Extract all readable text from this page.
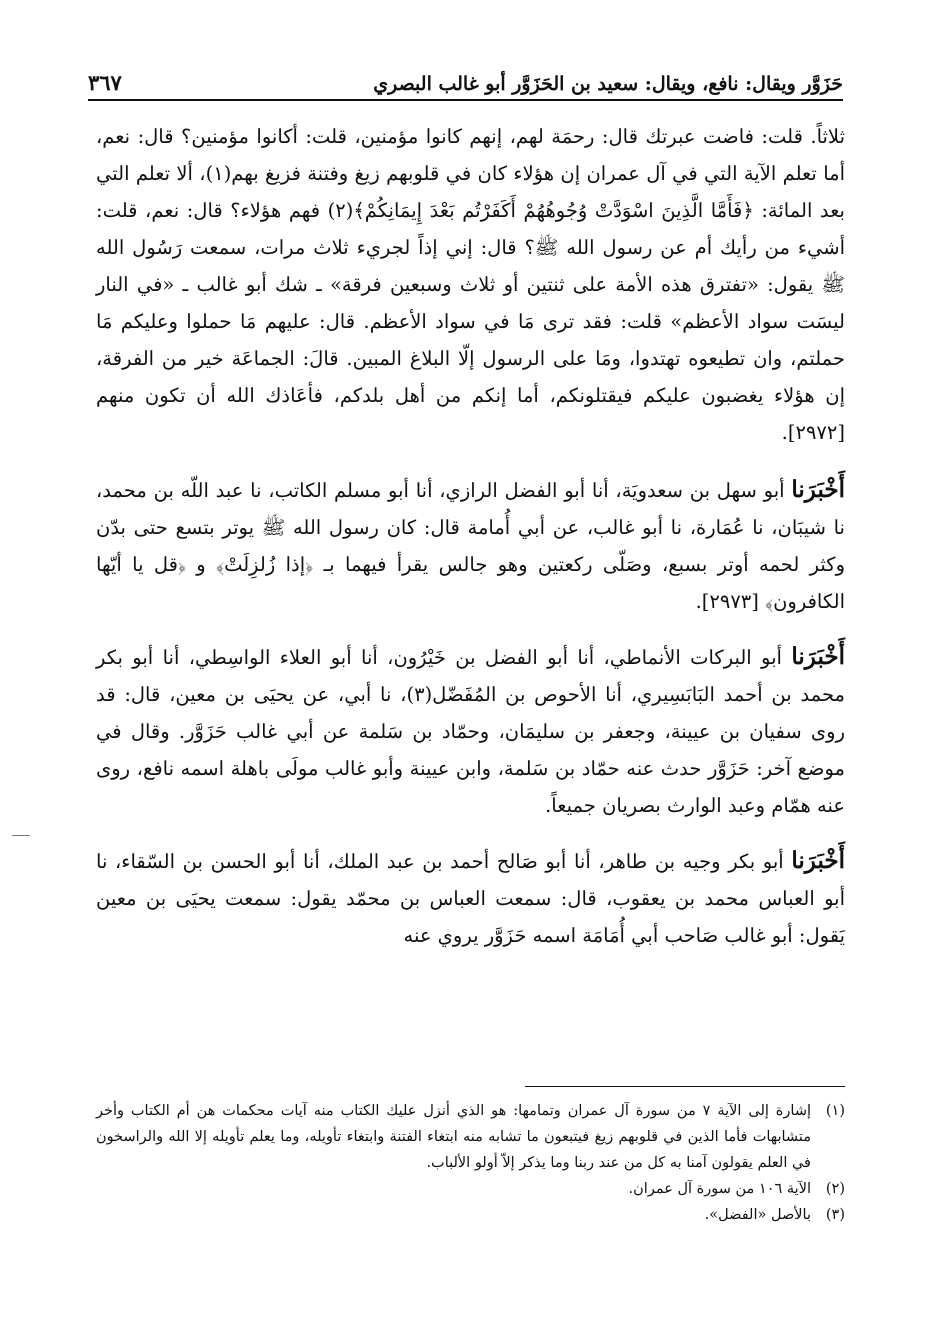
حَزَوَّر ويقال: نافع، ويقال: سعيد بن الحَزَوَّر أبو غالب البصري
٣٦٧

ثلاثاً. قلت: فاضت عبرتك قال: رحمَة لهم، إنهم كانوا مؤمنين، قلت: أكانوا مؤمنين؟ قال: نعم، أما تعلم الآية التي في آل عمران إن هؤلاء كان في قلوبهم زيغ وفتنة فزيغ بهم(١)، ألا تعلم التي بعد المائة: ﴿فَأَمَّا الَّذِينَ اسْوَدَّتْ وُجُوهُهُمْ أَكَفَرْتُم بَعْدَ إِيمَانِكُمْ﴾(٢) فهم هؤلاء؟ قال: نعم، قلت: أشيء من رأيك أم عن رسول الله ﷺ؟ قال: إني إذاً لجريء ثلاث مرات، سمعت رَسُول الله ﷺ يقول: «تفترق هذه الأمة على ثنتين أو ثلاث وسبعين فرقة» ـ شك أبو غالب ـ «في النار ليسَت سواد الأعظم» قلت: فقد ترى مَا في سواد الأعظم. قال: عليهم مَا حملوا وعليكم مَا حملتم، وان تطيعوه تهتدوا، ومَا على الرسول إلّا البلاغ المبين. قالَ: الجماعَة خير من الفرقة، إن هؤلاء يغضبون عليكم فيقتلونكم، أما إنكم من أهل بلدكم، فأعَاذك الله أن تكون منهم [٢٩٧٢].

أَخْبَرَنا أبو سهل بن سعدويَة، أنا أبو الفضل الرازي، أنا أبو مسلم الكاتب، نا عبد اللّه بن محمد، نا شيبَان، نا عُمَارة، نا أبو غالب، عن أبي أُمامة قال: كان رسول الله ﷺ يوتر بتسع حتى بدّن وكثر لحمه أوتر بسبع، وصَلّى ركعتين وهو جالس يقرأ فيهما بـ ﴿إذا زُلزِلَتْ﴾ و ﴿قل يا أيّها الكافرون﴾ [٢٩٧٣].

أَخْبَرَنا أبو البركات الأنماطي، أنا أبو الفضل بن خَيْرُون، أنا أبو العلاء الواسِطي، أنا أبو بكر محمد بن أحمد البَابَسِيري، أنا الأحوص بن المُفَضّل(٣)، نا أبي، عن يحيَى بن معين، قال: قد روى سفيان بن عيينة، وجعفر بن سليمَان، وحمّاد بن سَلمة عن أبي غالب حَزَوَّر. وقال في موضع آخر: حَزَوَّر حدث عنه حمّاد بن سَلمة، وابن عيينة وأبو غالب مولَى باهلة اسمه نافع، روى عنه همّام وعبد الوارث بصريان جميعاً.

أَخْبَرَنا أبو بكر وجيه بن طاهر، أنا أبو صَالح أحمد بن عبد الملك، أنا أبو الحسن بن السّقاء، نا أبو العباس محمد بن يعقوب، قال: سمعت العباس بن محمّد يقول: سمعت يحيَى بن معين يَقول: أبو غالب صَاحب أبي أُمَامَة اسمه حَزَوَّر يروي عنه

(١)
إشارة إلى الآية ٧ من سورة آل عمران وتمامها: هو الذي أنزل عليك الكتاب منه آيات محكمات هن أم الكتاب وأخر متشابهات فأما الذين في قلوبهم زيغ فيتبعون ما تشابه منه ابتغاء الفتنة وابتغاء تأويله، وما يعلم تأويله إلا الله والراسخون في العلم يقولون آمنا به كل من عند ربنا وما يذكر إلاّ أولو الألباب.
(٢)
الآية ١٠٦ من سورة آل عمران.
(٣)
بالأصل «الفضل».
